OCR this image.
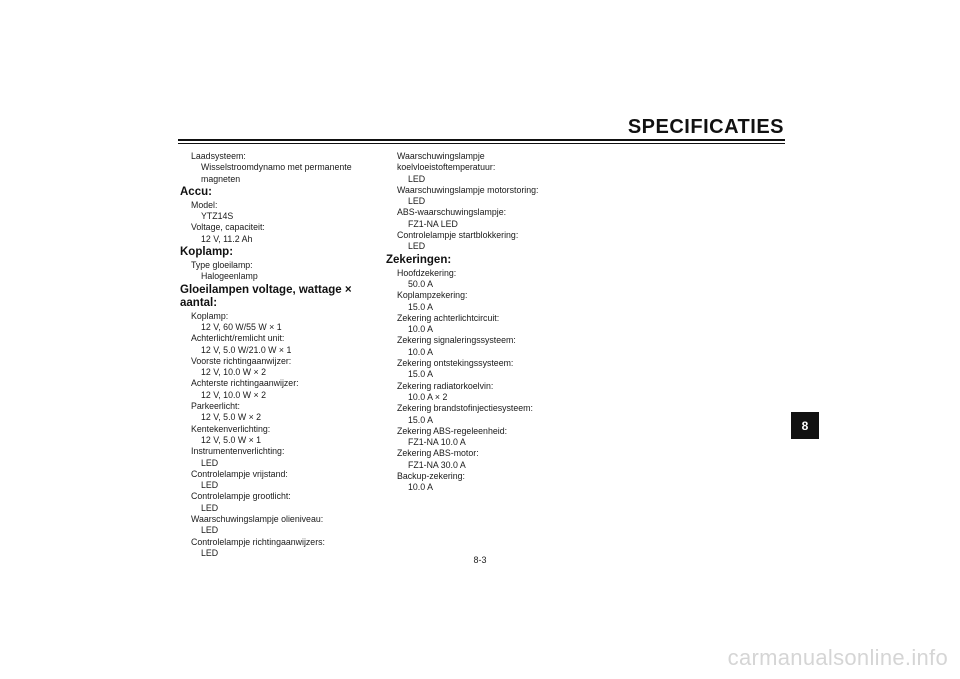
SPECIFICATIES
Laadsysteem:
Wisselstroomdynamo met permanente
magneten
Accu:
Model:
YTZ14S
Voltage, capaciteit:
12 V, 11.2 Ah
Koplamp:
Type gloeilamp:
Halogeenlamp
Gloeilampen voltage, wattage × aantal:
Koplamp:
12 V, 60 W/55 W × 1
Achterlicht/remlicht unit:
12 V, 5.0 W/21.0 W × 1
Voorste richtingaanwijzer:
12 V, 10.0 W × 2
Achterste richtingaanwijzer:
12 V, 10.0 W × 2
Parkeerlicht:
12 V, 5.0 W × 2
Kentekenverlichting:
12 V, 5.0 W × 1
Instrumentenverlichting:
LED
Controlelampje vrijstand:
LED
Controlelampje grootlicht:
LED
Waarschuwingslampje olieniveau:
LED
Controlelampje richtingaanwijzers:
LED
Waarschuwingslampje
koelvloeistoftemperatuur:
LED
Waarschuwingslampje motorstoring:
LED
ABS-waarschuwingslampje:
FZ1-NA LED
Controlelampje startblokkering:
LED
Zekeringen:
Hoofdzekering:
50.0 A
Koplampzekering:
15.0 A
Zekering achterlichtcircuit:
10.0 A
Zekering signaleringssysteem:
10.0 A
Zekering ontstekingssysteem:
15.0 A
Zekering radiatorkoelvin:
10.0 A × 2
Zekering brandstofinjectiesysteem:
15.0 A
Zekering ABS-regeleenheid:
FZ1-NA 10.0 A
Zekering ABS-motor:
FZ1-NA 30.0 A
Backup-zekering:
10.0 A
8
8-3
carmanualsonline.info
